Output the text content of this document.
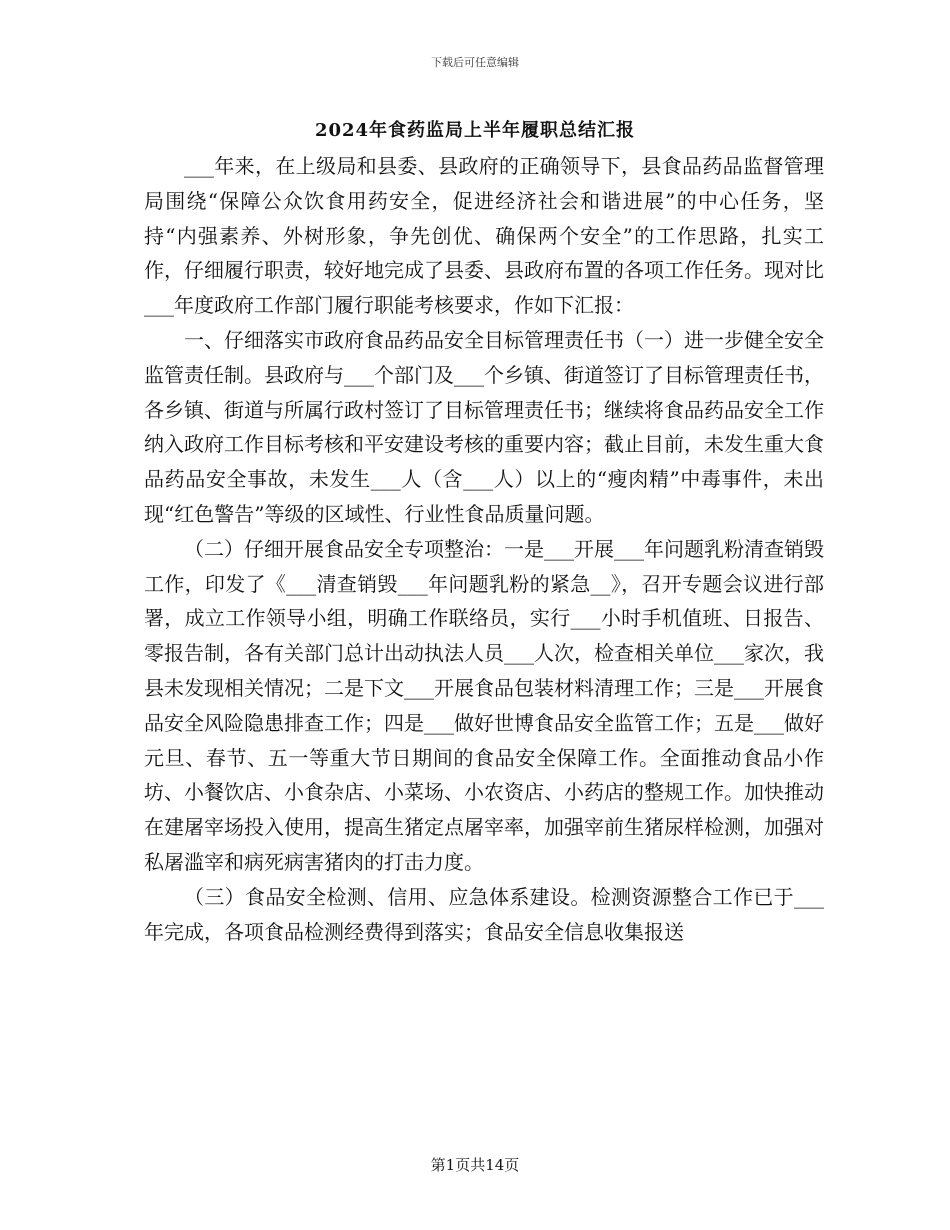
下载后可任意编辑
2024年食药监局上半年履职总结汇报

___年来，在上级局和县委、县政府的正确领导下，县食品药品监督管理局围绕“保障公众饮食用药安全，促进经济社会和谐进展”的中心任务，坚持“内强素养、外树形象，争先创优、确保两个安全”的工作思路，扎实工作，仔细履行职责，较好地完成了县委、县政府布置的各项工作任务。现对比___年度政府工作部门履行职能考核要求，作如下汇报：

一、仔细落实市政府食品药品安全目标管理责任书（一）进一步健全安全监管责任制。县政府与___个部门及___个乡镇、街道签订了目标管理责任书，各乡镇、街道与所属行政村签订了目标管理责任书；继续将食品药品安全工作纳入政府工作目标考核和平安建设考核的重要内容；截止目前，未发生重大食品药品安全事故，未发生___人（含___人）以上的“瘦肉精”中毒事件，未出现“红色警告”等级的区域性、行业性食品质量问题。

（二）仔细开展食品安全专项整治：一是___开展___年问题乳粉清查销毁工作，印发了《___清查销毁___年问题乳粉的紧急__》，召开专题会议进行部署，成立工作领导小组，明确工作联络员，实行___小时手机值班、日报告、零报告制，各有关部门总计出动执法人员___人次，检查相关单位___家次，我县未发现相关情况；二是下文___开展食品包装材料清理工作；三是___开展食品安全风险隐患排查工作；四是___做好世博食品安全监管工作；五是___做好元旦、春节、五一等重大节日期间的食品安全保障工作。全面推动食品小作坊、小餐饮店、小食杂店、小菜场、小农资店、小药店的整规工作。加快推动在建屠宰场投入使用，提高生猪定点屠宰率，加强宰前生猪尿样检测，加强对私屠滥宰和病死病害猪肉的打击力度。

（三）食品安全检测、信用、应急体系建设。检测资源整合工作已于___年完成，各项食品检测经费得到落实；食品安全信息收集报送

第1页共14页
